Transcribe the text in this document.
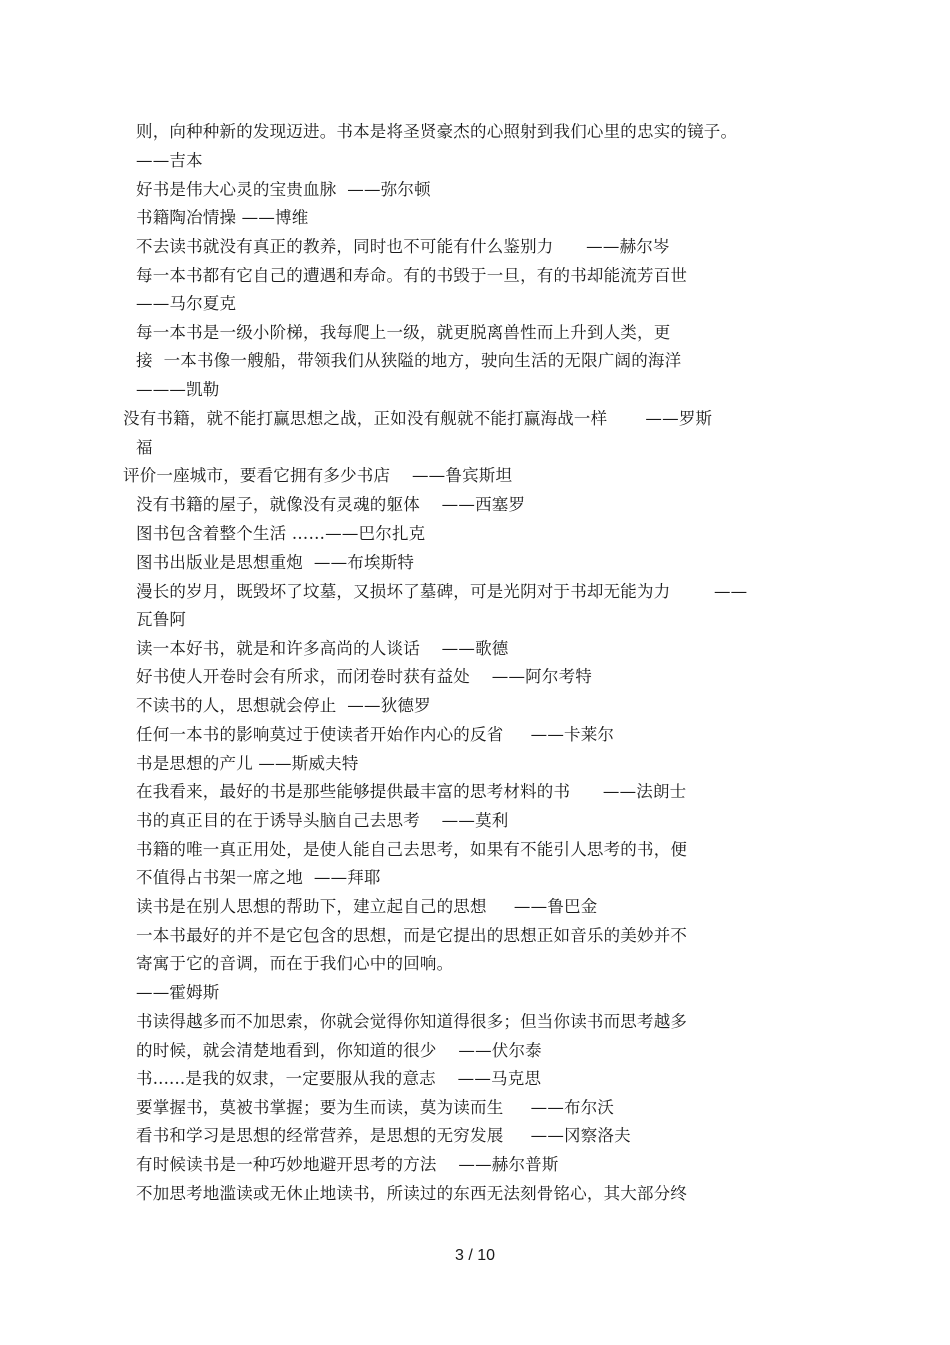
则，向种种新的发现迈进。书本是将圣贤豪杰的心照射到我们心里的忠实的镜子。

——吉本

好书是伟大心灵的宝贵血脉  ——弥尔顿

书籍陶冶情操 ——博维

不去读书就没有真正的教养，同时也不可能有什么鉴别力      ——赫尔岑

每一本书都有它自己的遭遇和寿命。有的书毁于一旦，有的书却能流芳百世

——马尔夏克

每一本书是一级小阶梯，我每爬上一级，就更脱离兽性而上升到人类，更

接  一本书像一艘船，带领我们从狭隘的地方，驶向生活的无限广阔的海洋

———凯勒

没有书籍，就不能打赢思想之战，正如没有舰就不能打赢海战一样       ——罗斯

福

评价一座城市，要看它拥有多少书店    ——鲁宾斯坦

没有书籍的屋子，就像没有灵魂的躯体    ——西塞罗

图书包含着整个生活 ……——巴尔扎克

图书出版业是思想重炮  ——布埃斯特

漫长的岁月，既毁坏了坟墓，又损坏了墓碑，可是光阴对于书却无能为力        ——

瓦鲁阿

读一本好书，就是和许多高尚的人谈话    ——歌德

好书使人开卷时会有所求，而闭卷时获有益处    ——阿尔考特

不读书的人，思想就会停止  ——狄德罗

任何一本书的影响莫过于使读者开始作内心的反省     ——卡莱尔

书是思想的产儿 ——斯威夫特

在我看来，最好的书是那些能够提供最丰富的思考材料的书      ——法朗士

书的真正目的在于诱导头脑自己去思考    ——莫利

书籍的唯一真正用处，是使人能自己去思考，如果有不能引人思考的书，便

不值得占书架一席之地  ——拜耶

读书是在别人思想的帮助下，建立起自己的思想     ——鲁巴金

一本书最好的并不是它包含的思想，而是它提出的思想正如音乐的美妙并不

寄寓于它的音调，而在于我们心中的回响。

——霍姆斯

书读得越多而不加思索，你就会觉得你知道得很多；但当你读书而思考越多

的时候，就会清楚地看到，你知道的很少    ——伏尔泰

书......是我的奴隶，一定要服从我的意志    ——马克思

要掌握书，莫被书掌握；要为生而读，莫为读而生     ——布尔沃

看书和学习是思想的经常营养，是思想的无穷发展     ——冈察洛夫

有时候读书是一种巧妙地避开思考的方法    ——赫尔普斯

不加思考地滥读或无休止地读书，所读过的东西无法刻骨铭心，其大部分终

3 / 10
